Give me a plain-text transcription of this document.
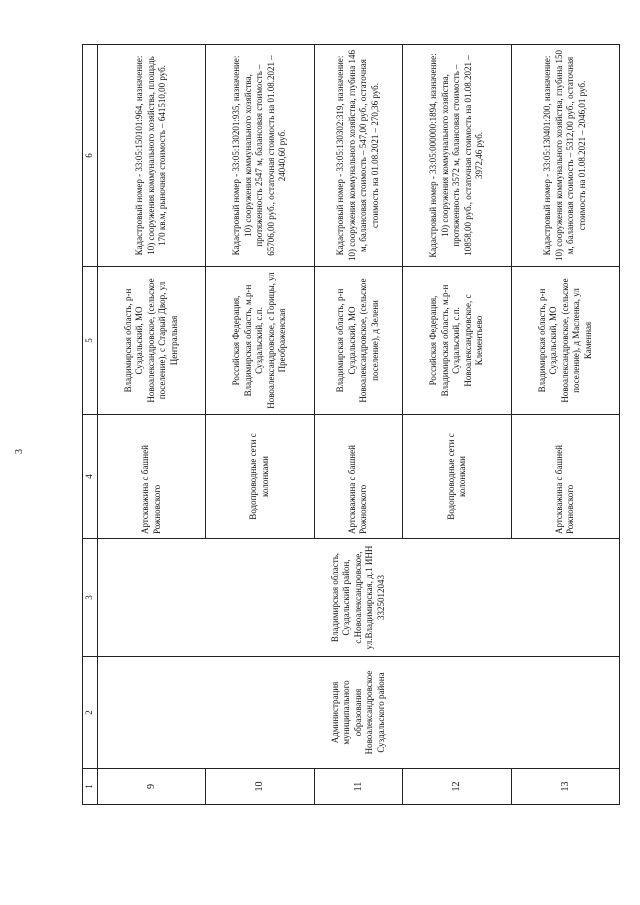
3
1	2	3	4	5	6
9	Администрация муниципального образования Новоалександровское Суздальского района	Владимирская область, Суздальский район, с.Новоалександровское, ул.Владимирская, д.1 ИНН 3325012043	Артскважина с башней Рожновского	Владимирская область, р-н Суздальский, МО Новоалександровское, (сельское поселение), с Старый Двор, ул Центральная	Кадастровый номер - 33:05:150101:964, назначение: 10) сооружения коммунального хозяйства, площадь 170 кв.м, рыночная стоимость – 641510,00 руб.
10			Водопроводные сети с колонками	Российская Федерация, Владимирская область, м.р-н Суздальский, с.п. Новоалександровское, с Горицы, ул Преображенская	Кадастровый номер - 33:05:130201:935, назначение: 10) сооружения коммунального хозяйства, протяженность 2547 м, балансовая стоимость – 65706,00 руб., остаточная стоимость на 01.08.2021 – 24040,60 руб.
11			Артскважина с башней Рожновского	Владимирская область, р-н Суздальский, МО Новоалександровское, (сельское поселение), д Зелени	Кадастровый номер - 33:05:130302:319, назначение: 10) сооружения коммунального хозяйства, глубина 146 м, балансовая стоимость – 547,00 руб., остаточная стоимость на 01.08.2021 – 270,36 руб.
12			Водопроводные сети с колонками	Российская Федерация, Владимирская область, м.р-н Суздальский, с.п. Новоалександровское, с Клементьево	Кадастровый номер - 33:05:000000:1894, назначение: 10) сооружения коммунального хозяйства, протяженность 3572 м, балансовая стоимость – 10858,00 руб., остаточная стоимость на 01.08.2021 – 3972,46 руб.
13			Артскважина с башней Рожновского	Владимирская область, р-н Суздальский, МО Новоалександровское, (сельское поселение), д Масленка, ул Каменная	Кадастровый номер - 33:05:130401:200, назначение: 10) сооружения коммунального хозяйства, глубина 150 м, балансовая стоимость – 5312,00 руб., остаточная стоимость на 01.08.2021 – 2046,01 руб.
